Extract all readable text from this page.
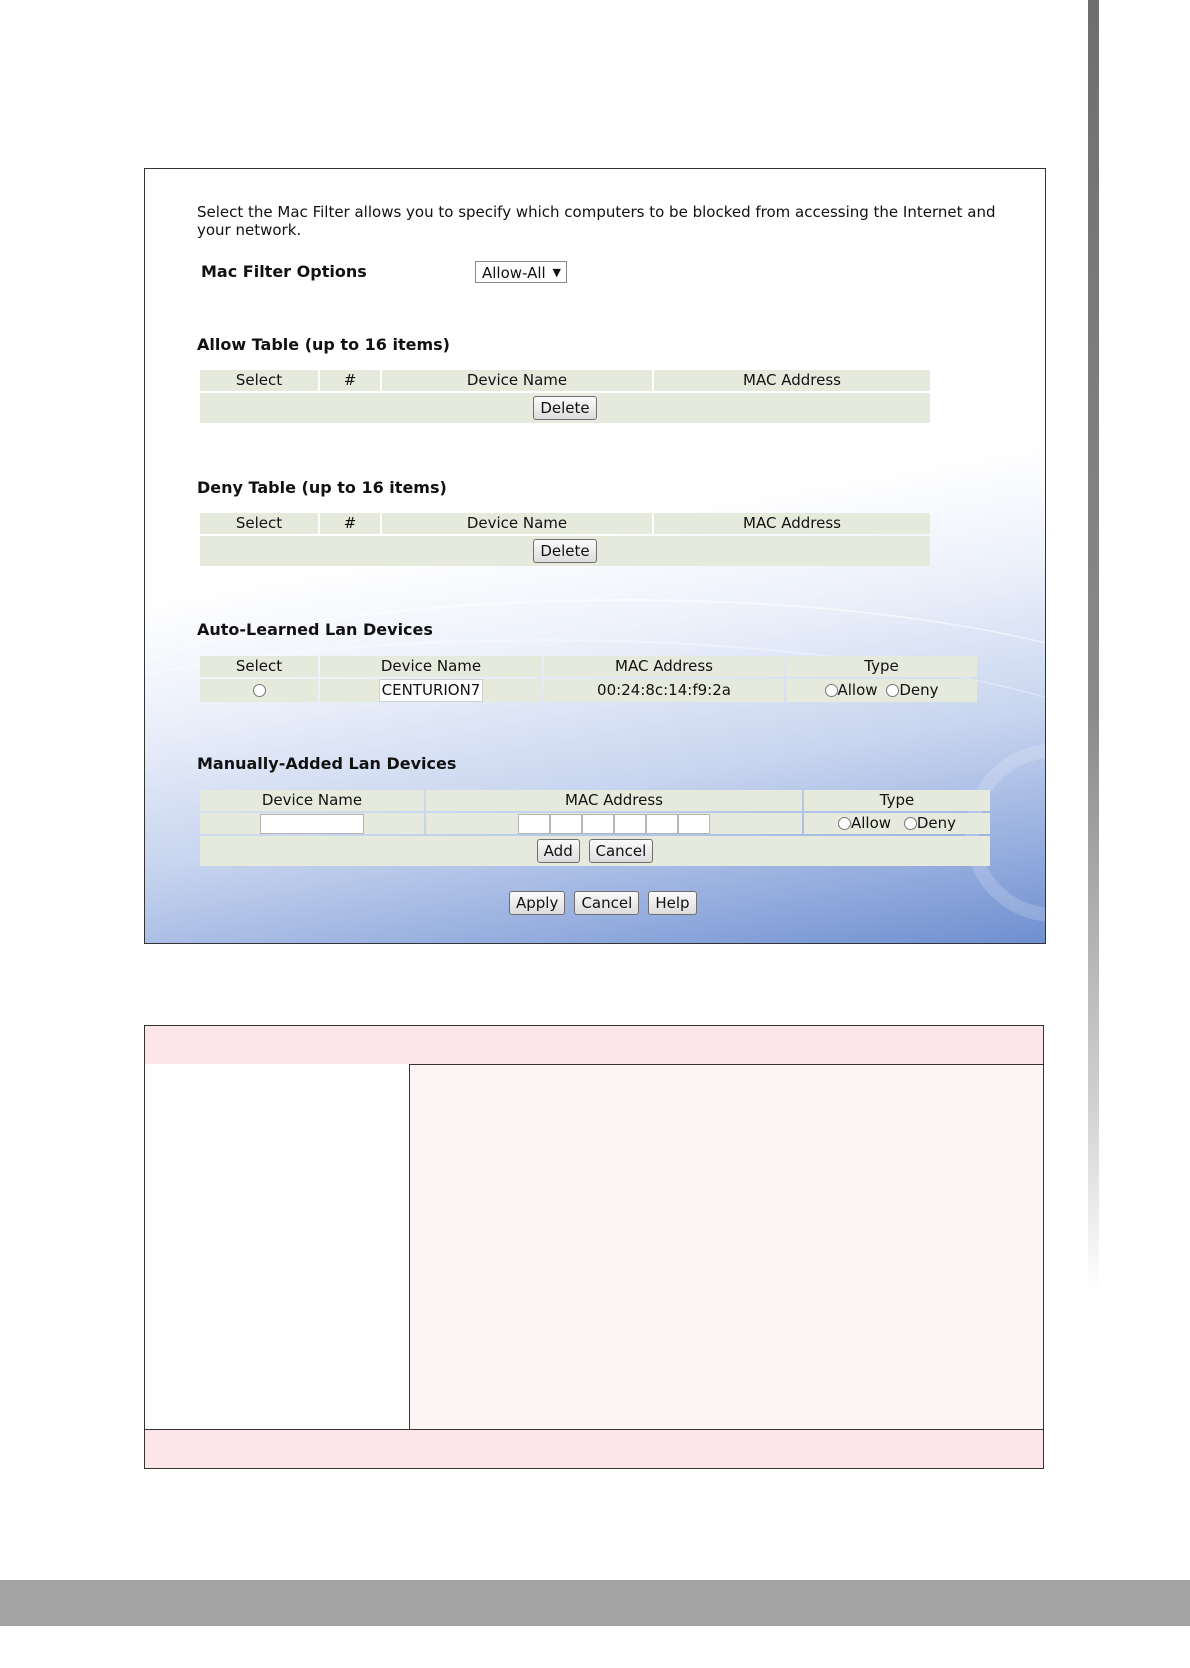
Select the Mac Filter allows you to specify which computers to be blocked from accessing the Internet and your network.
Mac Filter Options	Allow-All ▼
Allow Table (up to 16 items)
Select	#	Device Name	MAC Address
Delete
Deny Table (up to 16 items)
Select	#	Device Name	MAC Address
Delete
Auto-Learned Lan Devices
Select	Device Name	MAC Address	Type
	CENTURION7	00:24:8c:14:f9:2a	Allow Deny
Manually-Added Lan Devices
Device Name	MAC Address	Type
		Allow Deny
Add Cancel		
Apply Cancel Help
